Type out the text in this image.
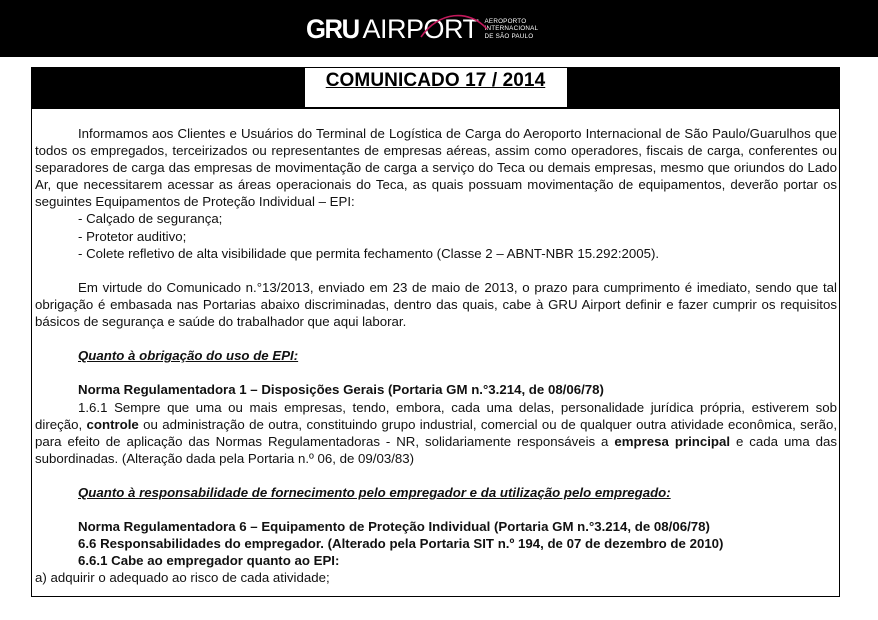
GRU AIRPORT AEROPORTO
INTERNACIONAL
DE SÃO PAULO
COMUNICADO 17 / 2014

Informamos aos Clientes e Usuários do Terminal de Logística de Carga do Aeroporto Internacional de São Paulo/Guarulhos que todos os empregados, terceirizados ou representantes de empresas aéreas, assim como operadores, fiscais de carga, conferentes ou separadores de carga das empresas de movimentação de carga a serviço do Teca ou demais empresas, mesmo que oriundos do Lado Ar, que necessitarem acessar as áreas operacionais do Teca, as quais possuam movimentação de equipamentos, deverão portar os seguintes Equipamentos de Proteção Individual – EPI:

- Calçado de segurança;
- Protetor auditivo;
- Colete refletivo de alta visibilidade que permita fechamento (Classe 2 – ABNT-NBR 15.292:2005).

Em virtude do Comunicado n.°13/2013, enviado em 23 de maio de 2013, o prazo para cumprimento é imediato, sendo que tal obrigação é embasada nas Portarias abaixo discriminadas, dentro das quais, cabe à GRU Airport definir e fazer cumprir os requisitos básicos de segurança e saúde do trabalhador que aqui laborar.

Quanto à obrigação do uso de EPI:
Norma Regulamentadora 1 – Disposições Gerais (Portaria GM n.°3.214, de 08/06/78)

1.6.1 Sempre que uma ou mais empresas, tendo, embora, cada uma delas, personalidade jurídica própria, estiverem sob direção, controle ou administração de outra, constituindo grupo industrial, comercial ou de qualquer outra atividade econômica, serão, para efeito de aplicação das Normas Regulamentadoras - NR, solidariamente responsáveis a empresa principal e cada uma das subordinadas. (Alteração dada pela Portaria n.º 06, de 09/03/83)

Quanto à responsabilidade de fornecimento pelo empregador e da utilização pelo empregado:
Norma Regulamentadora 6 – Equipamento de Proteção Individual (Portaria GM n.°3.214, de 08/06/78)
6.6 Responsabilidades do empregador. (Alterado pela Portaria SIT n.º 194, de 07 de dezembro de 2010)
6.6.1 Cabe ao empregador quanto ao EPI:
a) adquirir o adequado ao risco de cada atividade;
